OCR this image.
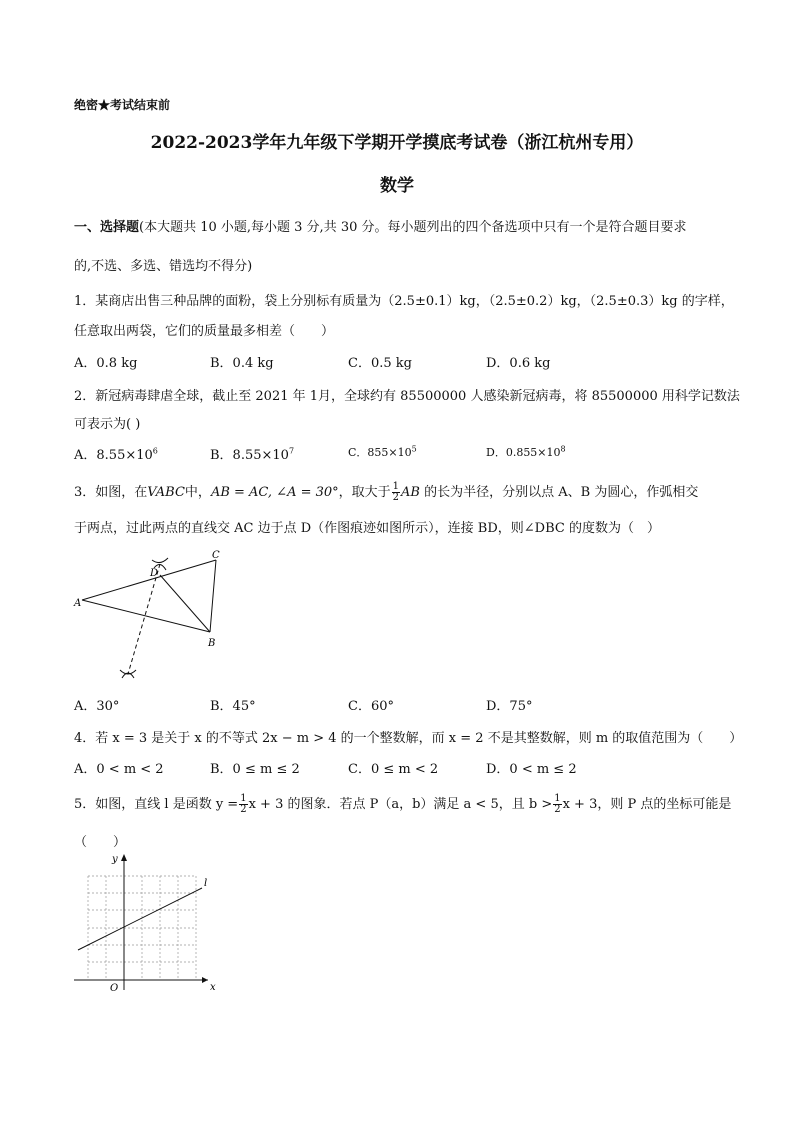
绝密★考试结束前
2022-2023学年九年级下学期开学摸底考试卷（浙江杭州专用）
数学
一、选择题(本大题共 10 小题,每小题 3 分,共 30 分。每小题列出的四个备选项中只有一个是符合题目要求
的,不选、多选、错选均不得分)
1．某商店出售三种品牌的面粉，袋上分别标有质量为（2.5±0.1）kg，（2.5±0.2）kg，（2.5±0.3）kg 的字样，
任意取出两袋，它们的质量最多相差（　　）
A．0.8 kg	B．0.4 kg	C．0.5 kg	D．0.6 kg
2．新冠病毒肆虐全球，截止至 2021 年 1月，全球约有 85500000 人感染新冠病毒，将 85500000 用科学记数法
可表示为( )
A．$8.55\times 10^6$	B．$8.55\times 10^7$	C．$855\times 10^5$	D．$0.855\times 10^8$
3．如图，在VABC中，AB = AC, ∠A = 30°，取大于 $\frac{1}{2}$ AB 的长为半径，分别以点 A、B 为圆心，作弧相交
于两点，过此两点的直线交 AC 边于点 D（作图痕迹如图所示），连接 BD，则∠DBC 的度数为（　）
A
B
C
D
A．30°	B．45°	C．60°	D．75°
4．若 x = 3 是关于 x 的不等式 2x − m > 4 的一个整数解，而 x = 2 不是其整数解，则 m 的取值范围为（　　）
A．0 < m < 2	B．0 ≤ m ≤ 2	C．0 ≤ m < 2	D．0 < m ≤ 2
5．如图，直线 l 是函数 $y = \frac{1}{2}$ x + 3 的图象．若点 P（a，b）满足 a < 5，且 $b > \frac{1}{2}$ x + 3，则 P 点的坐标可能是
（　　）
x
y
O
l
